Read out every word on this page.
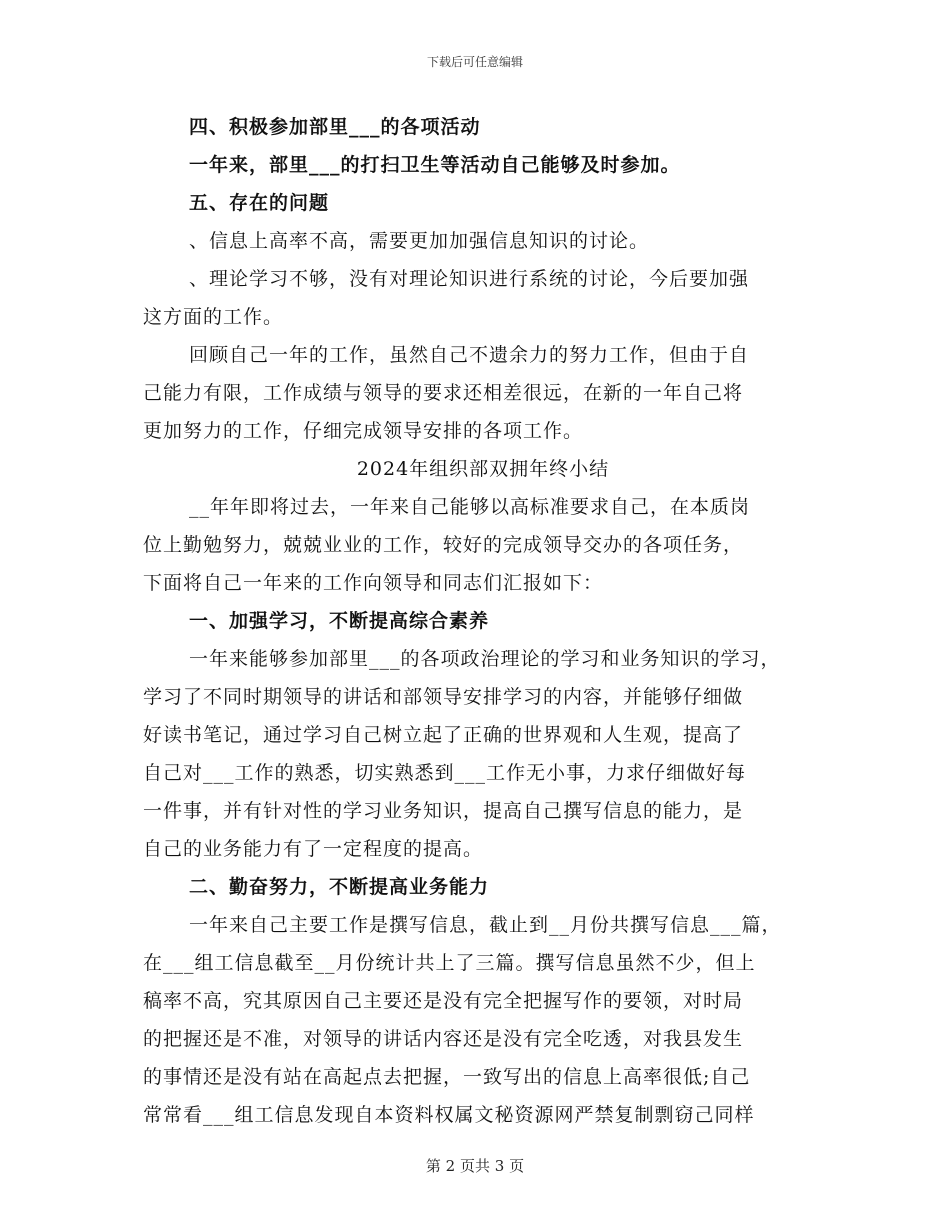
下载后可任意编辑
四、积极参加部里___的各项活动
一年来，部里___的打扫卫生等活动自己能够及时参加。
五、存在的问题
、信息上高率不高，需要更加加强信息知识的讨论。
、理论学习不够，没有对理论知识进行系统的讨论，今后要加强
这方面的工作。
回顾自己一年的工作，虽然自己不遗余力的努力工作，但由于自
己能力有限，工作成绩与领导的要求还相差很远，在新的一年自己将
更加努力的工作，仔细完成领导安排的各项工作。
2024年组织部双拥年终小结
__年年即将过去，一年来自己能够以高标准要求自己，在本质岗
位上勤勉努力，兢兢业业的工作，较好的完成领导交办的各项任务，
下面将自己一年来的工作向领导和同志们汇报如下：
一、加强学习，不断提高综合素养
一年来能够参加部里___的各项政治理论的学习和业务知识的学习，
学习了不同时期领导的讲话和部领导安排学习的内容，并能够仔细做
好读书笔记，通过学习自己树立起了正确的世界观和人生观，提高了
自己对___工作的熟悉，切实熟悉到___工作无小事，力求仔细做好每
一件事，并有针对性的学习业务知识，提高自己撰写信息的能力，是
自己的业务能力有了一定程度的提高。
二、勤奋努力，不断提高业务能力
一年来自己主要工作是撰写信息，截止到__月份共撰写信息___篇，
在___组工信息截至__月份统计共上了三篇。撰写信息虽然不少，但上
稿率不高，究其原因自己主要还是没有完全把握写作的要领，对时局
的把握还是不准，对领导的讲话内容还是没有完全吃透，对我县发生
的事情还是没有站在高起点去把握，一致写出的信息上高率很低;自己
常常看___组工信息发现自本资料权属文秘资源网严禁复制剽窃己同样
第 2 页共 3 页
